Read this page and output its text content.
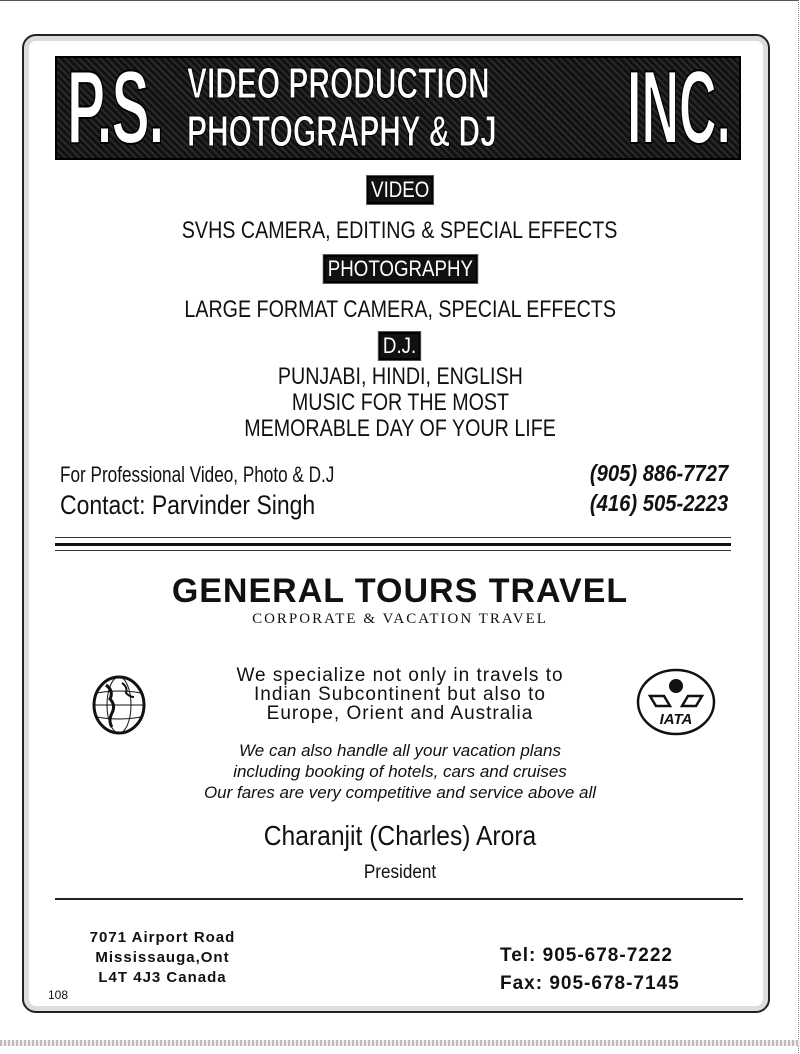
P.S. VIDEO PRODUCTION
PHOTOGRAPHY & DJ INC.
VIDEO
SVHS CAMERA, EDITING & SPECIAL EFFECTS
PHOTOGRAPHY
LARGE FORMAT CAMERA, SPECIAL EFFECTS
D.J.
PUNJABI, HINDI, ENGLISH
MUSIC FOR THE MOST
MEMORABLE DAY OF YOUR LIFE
For Professional Video, Photo & D.J
Contact: Parvinder Singh
(905) 886-7727
(416) 505-2223
GENERAL TOURS TRAVEL
CORPORATE & VACATION TRAVEL
We specialize not only in travels to
Indian Subcontinent but also to
Europe, Orient and Australia	IATA
We can also handle all your vacation plans
including booking of hotels, cars and cruises
Our fares are very competitive and service above all
Charanjit (Charles) Arora
President
7071 Airport Road
Mississauga,Ont
L4T 4J3 Canada
Tel: 905-678-7222
Fax: 905-678-7145
108
